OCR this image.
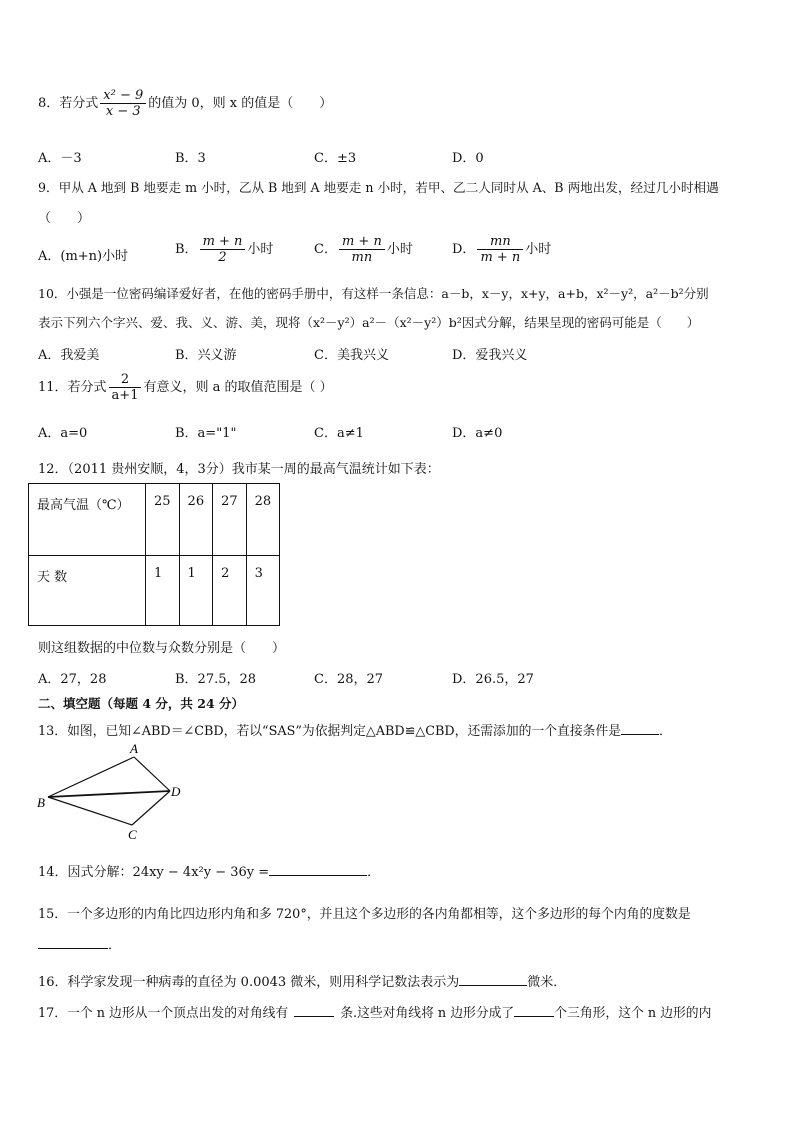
8．若分式 $\frac{\text{x² − 9}}{x - 3}$ 的值为 0，则 x 的值是（　　）
A．－3	B．3	C．±3	D．0
9．甲从 A 地到 B 地要走 m 小时，乙从 B 地到 A 地要走 n 小时，若甲、乙二人同时从 A、B 两地出发，经过几小时相遇
（　　）
A．(m+n)小时	B． $\frac{m + n}{2}$ 小时	C． $\frac{m + n}{mn}$ 小时	D． $\frac{mn}{m + n}$ 小时
10．小强是一位密码编译爱好者，在他的密码手册中，有这样一条信息：a－b，x－y，x+y，a+b，x²－y²，a²－b²分别
表示下列六个字兴、爱、我、义、游、美，现将（x²－y²）a²－（x²－y²）b²因式分解，结果呈现的密码可能是（　　）
A．我爱美	B．兴义游	C．美我兴义	D．爱我兴义
11．若分式 $\frac{2}{a+1}$ 有意义，则 a 的取值范围是（ ）
A．a=0	B．a="1"	C．a≠1	D．a≠0
12．（2011 贵州安顺，4，3分）我市某一周的最高气温统计如下表：
最高气温（℃）	25	26	27	28
天 数	1	1	2	3
则这组数据的中位数与众数分别是（　　）
A．27，28	B．27.5，28	C．28，27	D．26.5，27
二、填空题（每题 4 分，共 24 分）
13．如图，已知∠ABD＝∠CBD，若以“SAS”为依据判定△ABD≌△CBD，还需添加的一个直接条件是	．
A
B
C
D
14．因式分解：24xy − 4x²y − 36y =	．
15．一个多边形的内角比四边形内角和多 720°，并且这个多边形的各内角都相等，这个多边形的每个内角的度数是
．
16．科学家发现一种病毒的直径为 0.0043 微米，则用科学记数法表示为	微米．
17．一个 n 边形从一个顶点出发的对角线有	条.这些对角线将 n 边形分成了	个三角形，这个 n 边形的内
